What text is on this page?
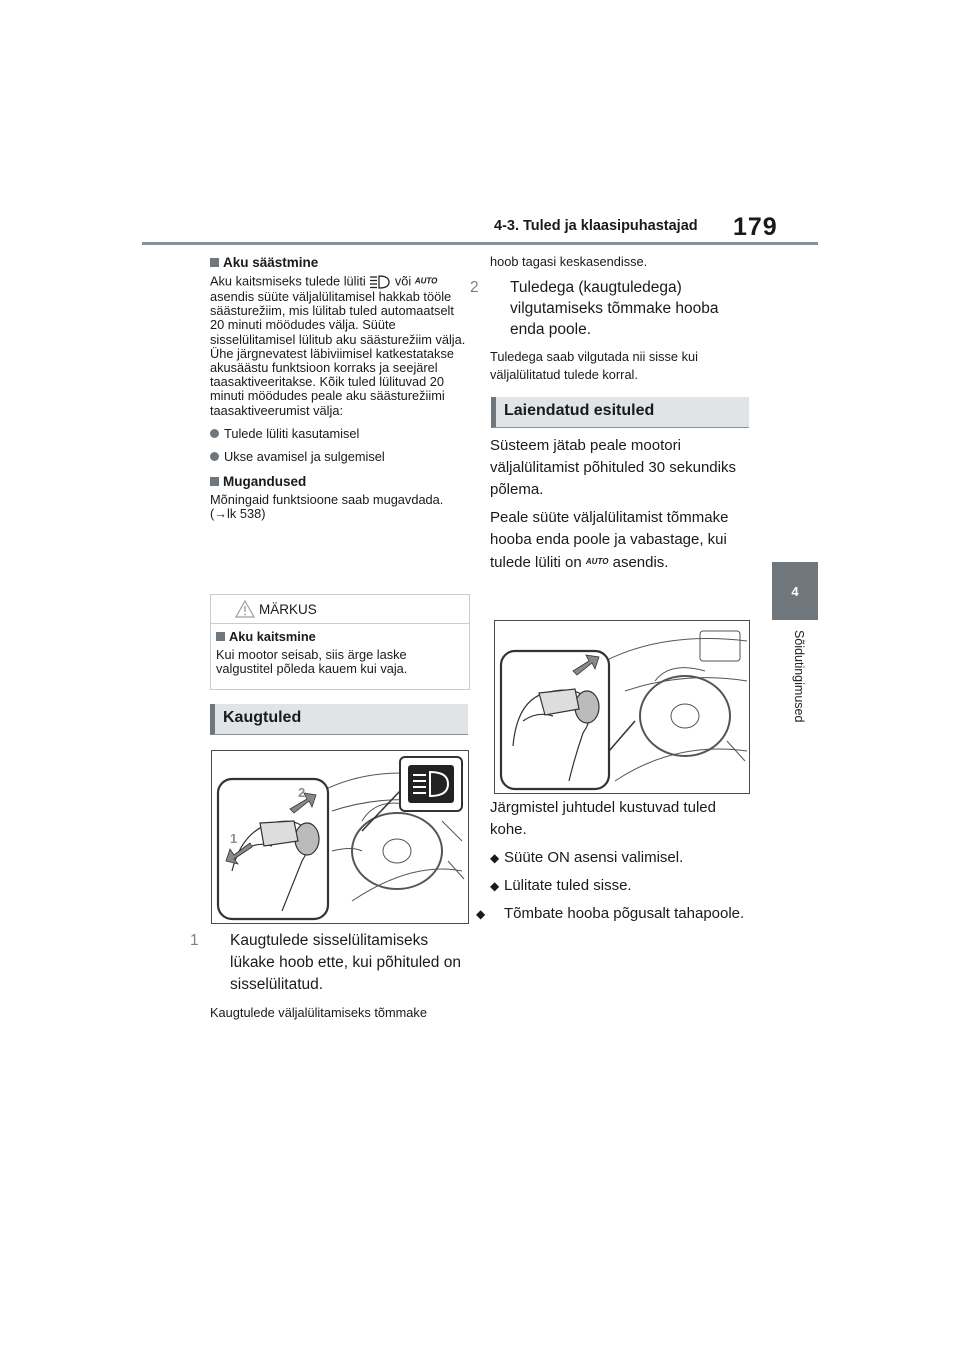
4-3. Tuled ja klaasipuhastajad 179
4
Sõidutingimused
Aku säästmine

Aku kaitsmiseks tulede lüliti või AUTO asendis süüte väljalülitamisel hakkab tööle säästurežiim, mis lülitab tuled automaatselt 20 minuti möödudes välja. Süüte sisselülitamisel lülitub aku säästurežiim välja.

Ühe järgnevatest läbiviimisel katkestatakse akusäästu funktsioon korraks ja seejärel taasaktiveeritakse. Kõik tuled lülituvad 20 minuti möödudes peale aku säästurežiimi taasaktiveerumist välja:

Tulede lüliti kasutamisel
Ukse avamisel ja sulgemisel
Mugandused

Mõningaid funktsioone saab mugavdada. (→lk 538)

MÄRKUS
Aku kaitsmine

Kui mootor seisab, siis ärge laske valgustitel põleda kauem kui vaja.

Kaugtuled
1
2

1 Kaugtulede sisselülitamiseks lükake hoob ette, kui põhituled on sisselülitatud.

Kaugtulede väljalülitamiseks tõmmake

hoob tagasi keskasendisse.

2 Tuledega (kaugtuledega) vilgutamiseks tõmmake hooba enda poole.

Tuledega saab vilgutada nii sisse kui väljalülitatud tulede korral.

Laiendatud esituled

Süsteem jätab peale mootori väljalülitamist põhituled 30 sekundiks põlema.

Peale süüte väljalülitamist tõmmake hooba enda poole ja vabastage, kui tulede lüliti on $^{AUTO}$ asendis.

Järgmistel juhtudel kustuvad tuled kohe.

◆ Süüte ON asensi valimisel.

◆ Lülitate tuled sisse.

◆ Tõmbate hooba põgusalt tahapoole.
